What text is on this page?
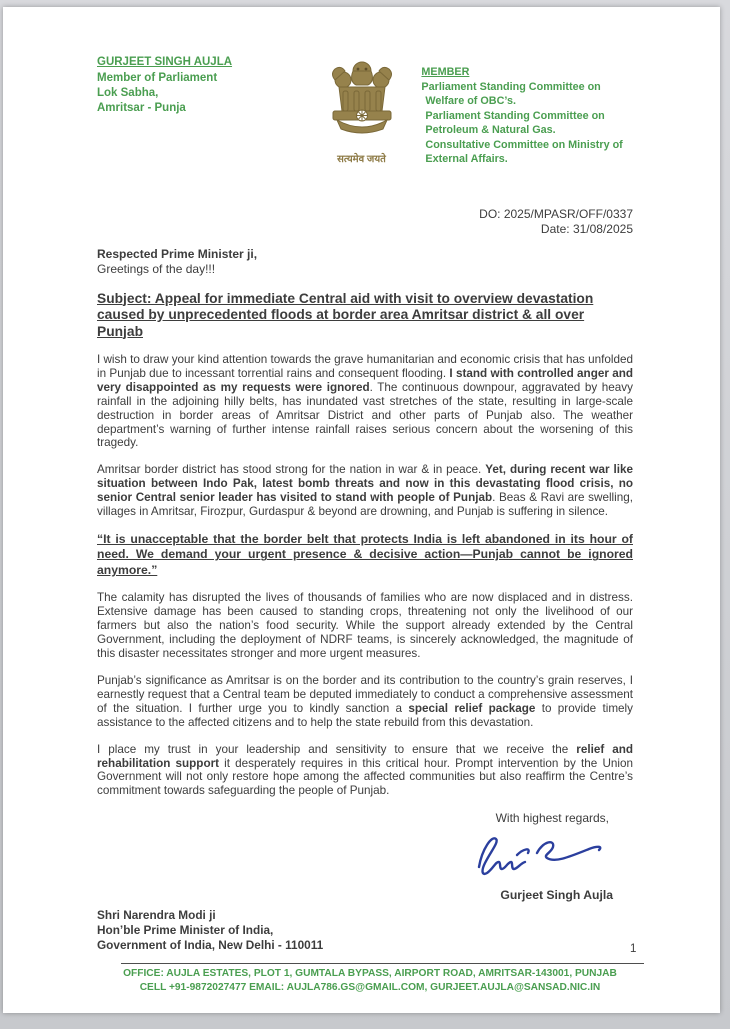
GURJEET SINGH AUJLA
Member of Parliament
Lok Sabha,
Amritsar - Punja
सत्यमेव जयते
MEMBER
Parliament Standing Committee on
Welfare of OBC’s.
Parliament Standing Committee on
Petroleum & Natural Gas.
Consultative Committee on Ministry of
External Affairs.
DO: 2025/MPASR/OFF/0337
Date: 31/08/2025
Respected Prime Minister ji,
Greetings of the day!!!
Subject: Appeal for immediate Central aid with visit to overview devastation caused by unprecedented floods at border area Amritsar district & all over Punjab
I wish to draw your kind attention towards the grave humanitarian and economic crisis that has unfolded in Punjab due to incessant torrential rains and consequent flooding. I stand with controlled anger and very disappointed as my requests were ignored. The continuous downpour, aggravated by heavy rainfall in the adjoining hilly belts, has inundated vast stretches of the state, resulting in large-scale destruction in border areas of Amritsar District and other parts of Punjab also. The weather department’s warning of further intense rainfall raises serious concern about the worsening of this tragedy.
Amritsar border district has stood strong for the nation in war & in peace. Yet, during recent war like situation between Indo Pak, latest bomb threats and now in this devastating flood crisis, no senior Central senior leader has visited to stand with people of Punjab. Beas & Ravi are swelling, villages in Amritsar, Firozpur, Gurdaspur & beyond are drowning, and Punjab is suffering in silence.
“It is unacceptable that the border belt that protects India is left abandoned in its hour of need. We demand your urgent presence & decisive action—Punjab cannot be ignored anymore.”
The calamity has disrupted the lives of thousands of families who are now displaced and in distress. Extensive damage has been caused to standing crops, threatening not only the livelihood of our farmers but also the nation’s food security. While the support already extended by the Central Government, including the deployment of NDRF teams, is sincerely acknowledged, the magnitude of this disaster necessitates stronger and more urgent measures.
Punjab’s significance as Amritsar is on the border and its contribution to the country’s grain reserves, I earnestly request that a Central team be deputed immediately to conduct a comprehensive assessment of the situation. I further urge you to kindly sanction a special relief package to provide timely assistance to the affected citizens and to help the state rebuild from this devastation.
I place my trust in your leadership and sensitivity to ensure that we receive the relief and rehabilitation support it desperately requires in this critical hour. Prompt intervention by the Union Government will not only restore hope among the affected communities but also reaffirm the Centre’s commitment towards safeguarding the people of Punjab.
With highest regards,
Gurjeet Singh Aujla
Shri Narendra Modi ji
Hon’ble Prime Minister of India,
Government of India, New Delhi - 110011
OFFICE: AUJLA ESTATES, PLOT 1, GUMTALA BYPASS, AIRPORT ROAD, AMRITSAR-143001, PUNJAB
CELL +91-9872027477 EMAIL: AUJLA786.GS@GMAIL.COM, GURJEET.AUJLA@SANSAD.NIC.IN
1
